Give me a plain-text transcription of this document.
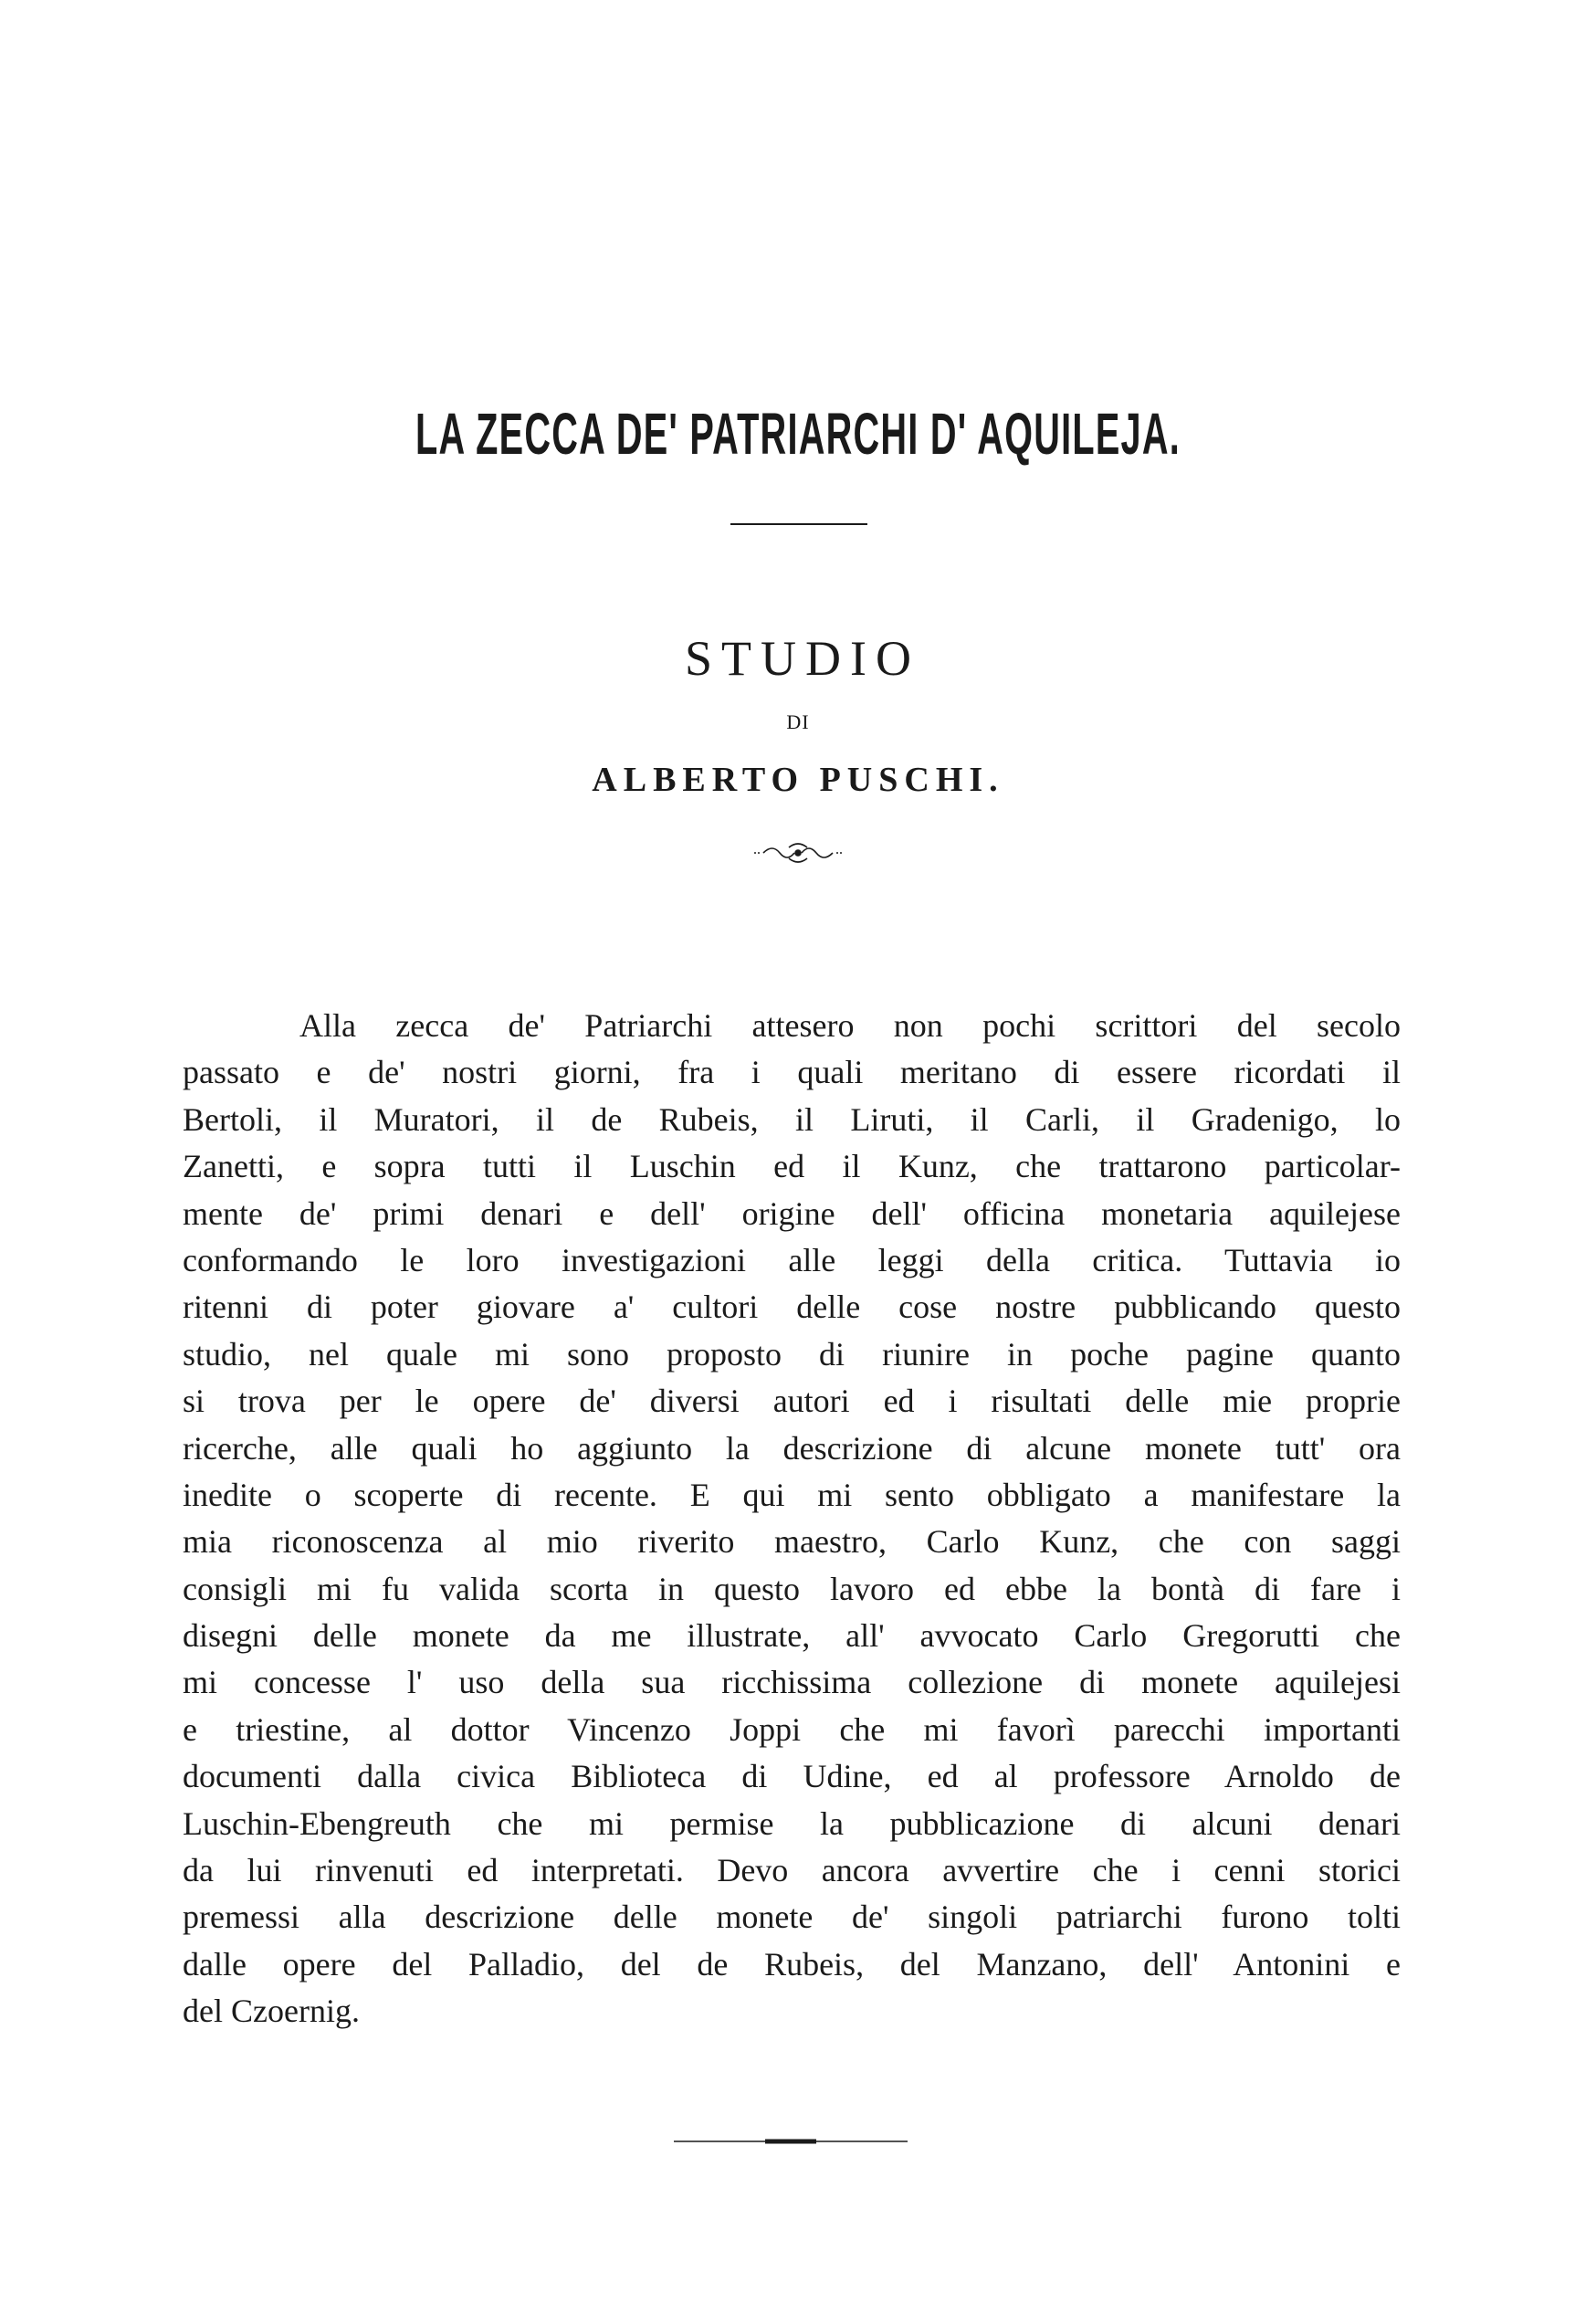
LA ZECCA DE' PATRIARCHI D' AQUILEJA.
STUDIO
DI
ALBERTO PUSCHI.
Alla zecca de' Patriarchi attesero non pochi scrittori del secolo
passato e de' nostri giorni, fra i quali meritano di essere ricordati il
Bertoli, il Muratori, il de Rubeis, il Liruti, il Carli, il Gradenigo, lo
Zanetti, e sopra tutti il Luschin ed il Kunz, che trattarono particolar-
mente de' primi denari e dell' origine dell' officina monetaria aquilejese
conformando le loro investigazioni alle leggi della critica. Tuttavia io
ritenni di poter giovare a' cultori delle cose nostre pubblicando questo
studio, nel quale mi sono proposto di riunire in poche pagine quanto
si trova per le opere de' diversi autori ed i risultati delle mie proprie
ricerche, alle quali ho aggiunto la descrizione di alcune monete tutt' ora
inedite o scoperte di recente. E qui mi sento obbligato a manifestare la
mia riconoscenza al mio riverito maestro, Carlo Kunz, che con saggi
consigli mi fu valida scorta in questo lavoro ed ebbe la bontà di fare i
disegni delle monete da me illustrate, all' avvocato Carlo Gregorutti che
mi concesse l' uso della sua ricchissima collezione di monete aquilejesi
e triestine, al dottor Vincenzo Joppi che mi favorì parecchi importanti
documenti dalla civica Biblioteca di Udine, ed al professore Arnoldo de
Luschin-Ebengreuth che mi permise la pubblicazione di alcuni denari
da lui rinvenuti ed interpretati. Devo ancora avvertire che i cenni storici
premessi alla descrizione delle monete de' singoli patriarchi furono tolti
dalle opere del Palladio, del de Rubeis, del Manzano, dell' Antonini e
del Czoernig.
